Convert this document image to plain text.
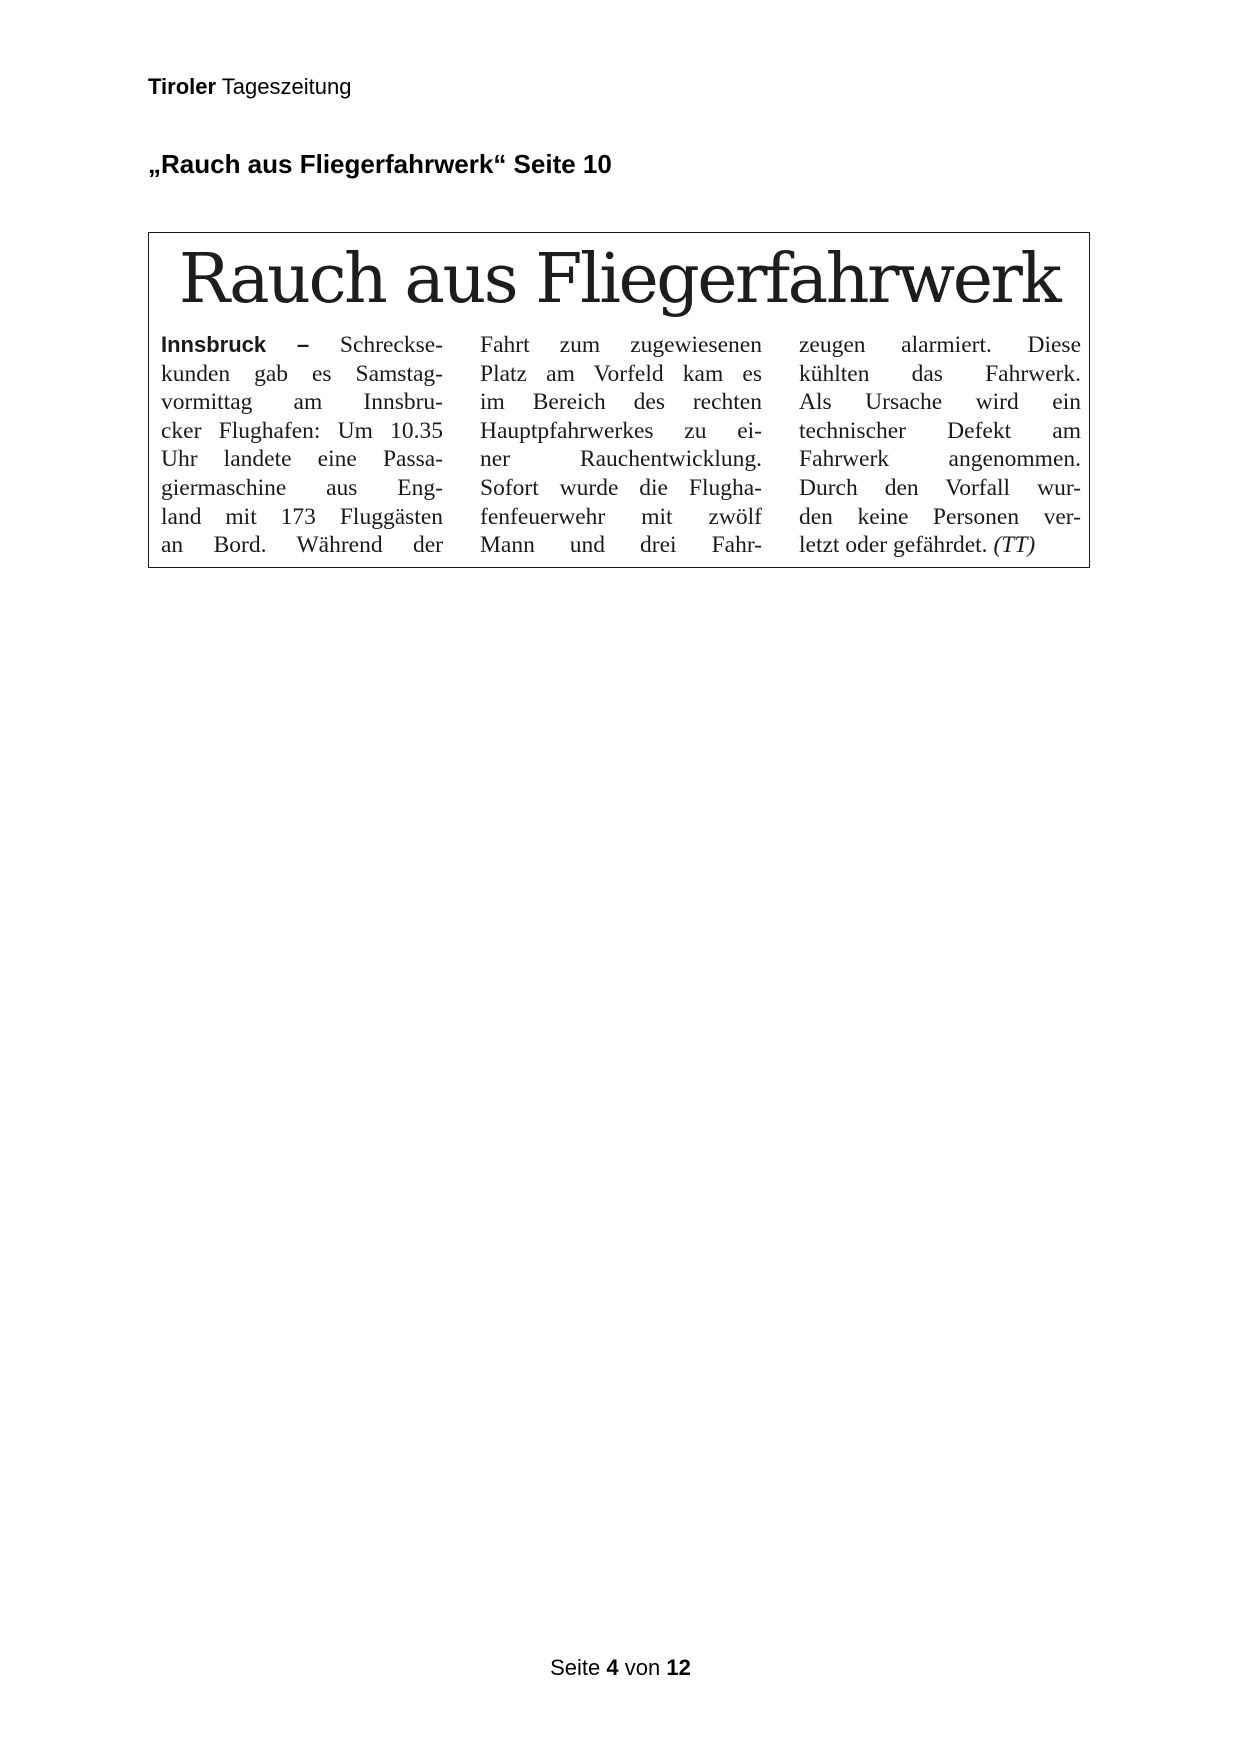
Tiroler Tageszeitung
„Rauch aus Fliegerfahrwerk“ Seite 10
Rauch aus Fliegerfahrwerk
Innsbruck – Schreckse-
kunden gab es Samstag-
vormittag am Innsbru-
cker Flughafen: Um 10.35
Uhr landete eine Passa-
giermaschine aus Eng-
land mit 173 Fluggästen
an Bord. Während der
Fahrt zum zugewiesenen
Platz am Vorfeld kam es
im Bereich des rechten
Hauptpfahrwerkes zu ei-
ner Rauchentwicklung.
Sofort wurde die Flugha-
fenfeuerwehr mit zwölf
Mann und drei Fahr-
zeugen alarmiert. Diese
kühlten das Fahrwerk.
Als Ursache wird ein
technischer Defekt am
Fahrwerk angenommen.
Durch den Vorfall wur-
den keine Personen ver-
letzt oder gefährdet. (TT)
Seite 4 von 12
